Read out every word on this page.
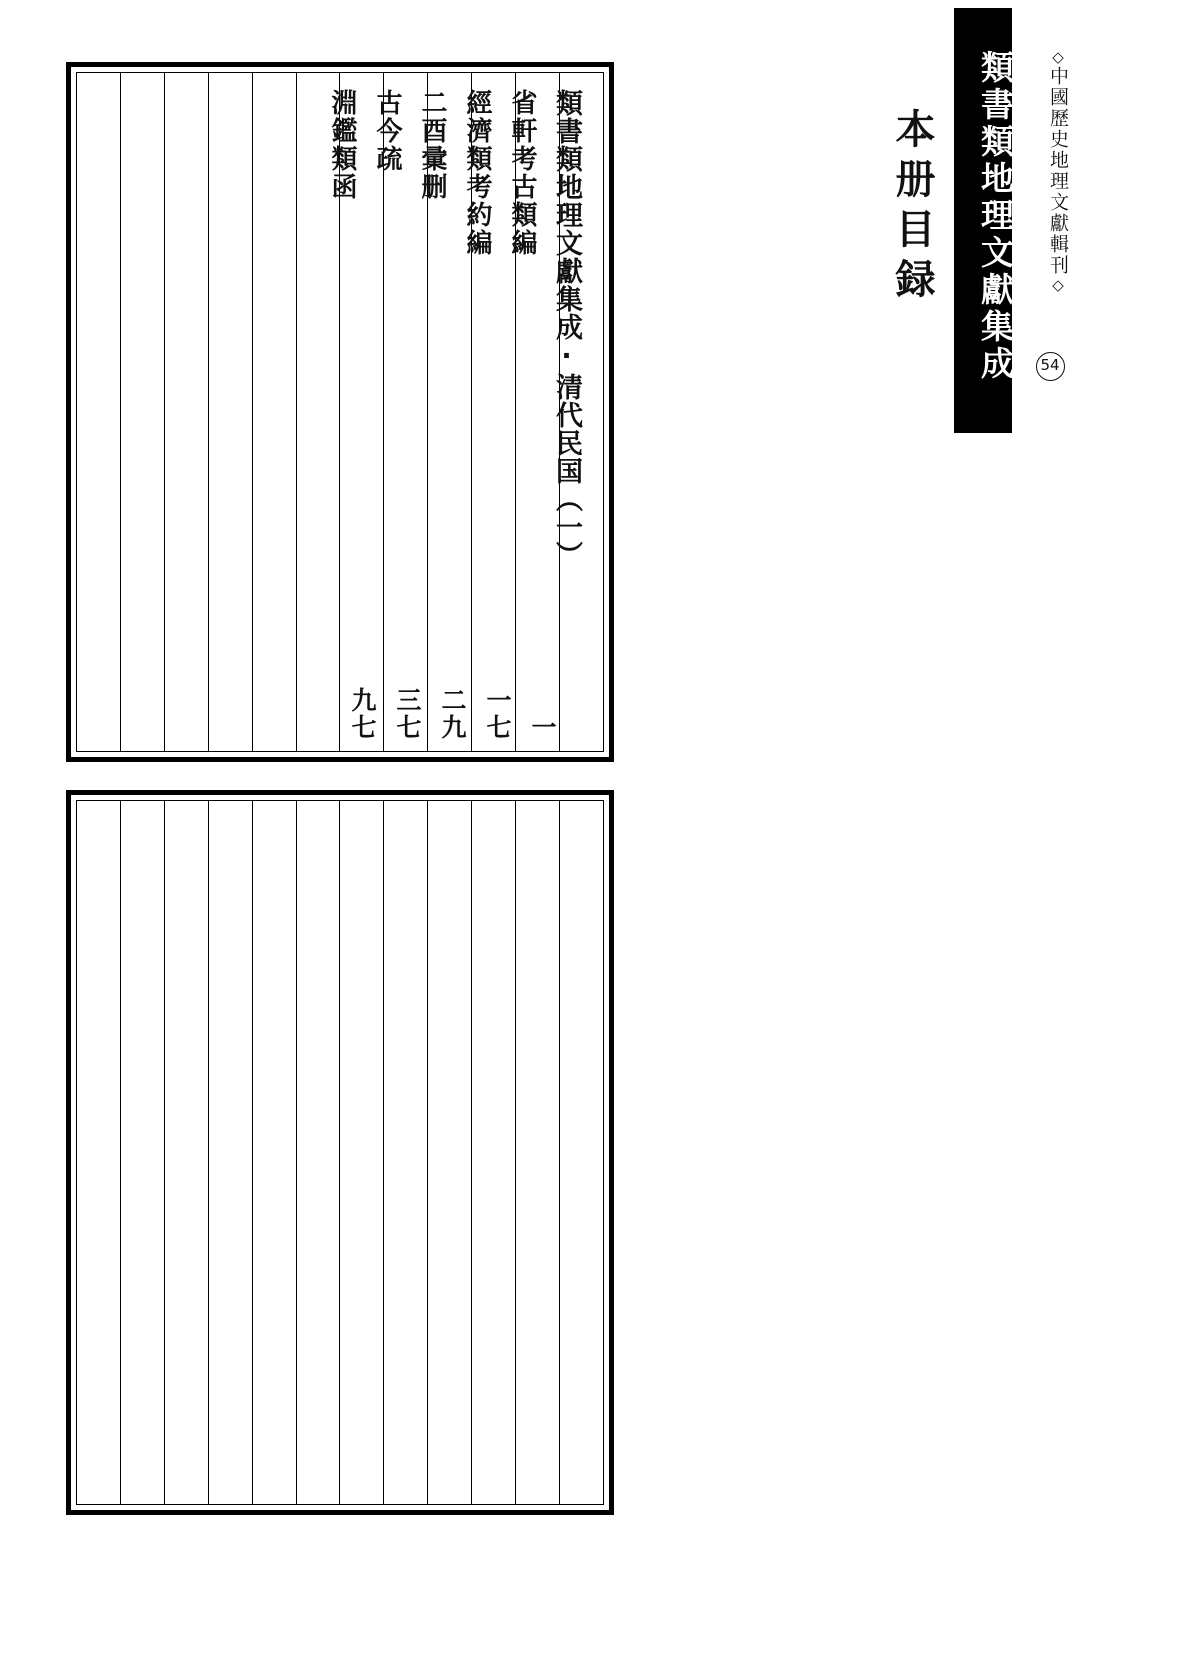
◇中國歷史地理文獻輯刊◇
54
類書類地理文獻集成
本册目録
類書類地理文獻集成·清代民国（一）
省軒考古類編
一
經濟類考約編
一七
二酉彚删
二九
古今疏
三七
淵鑑類函
九七
